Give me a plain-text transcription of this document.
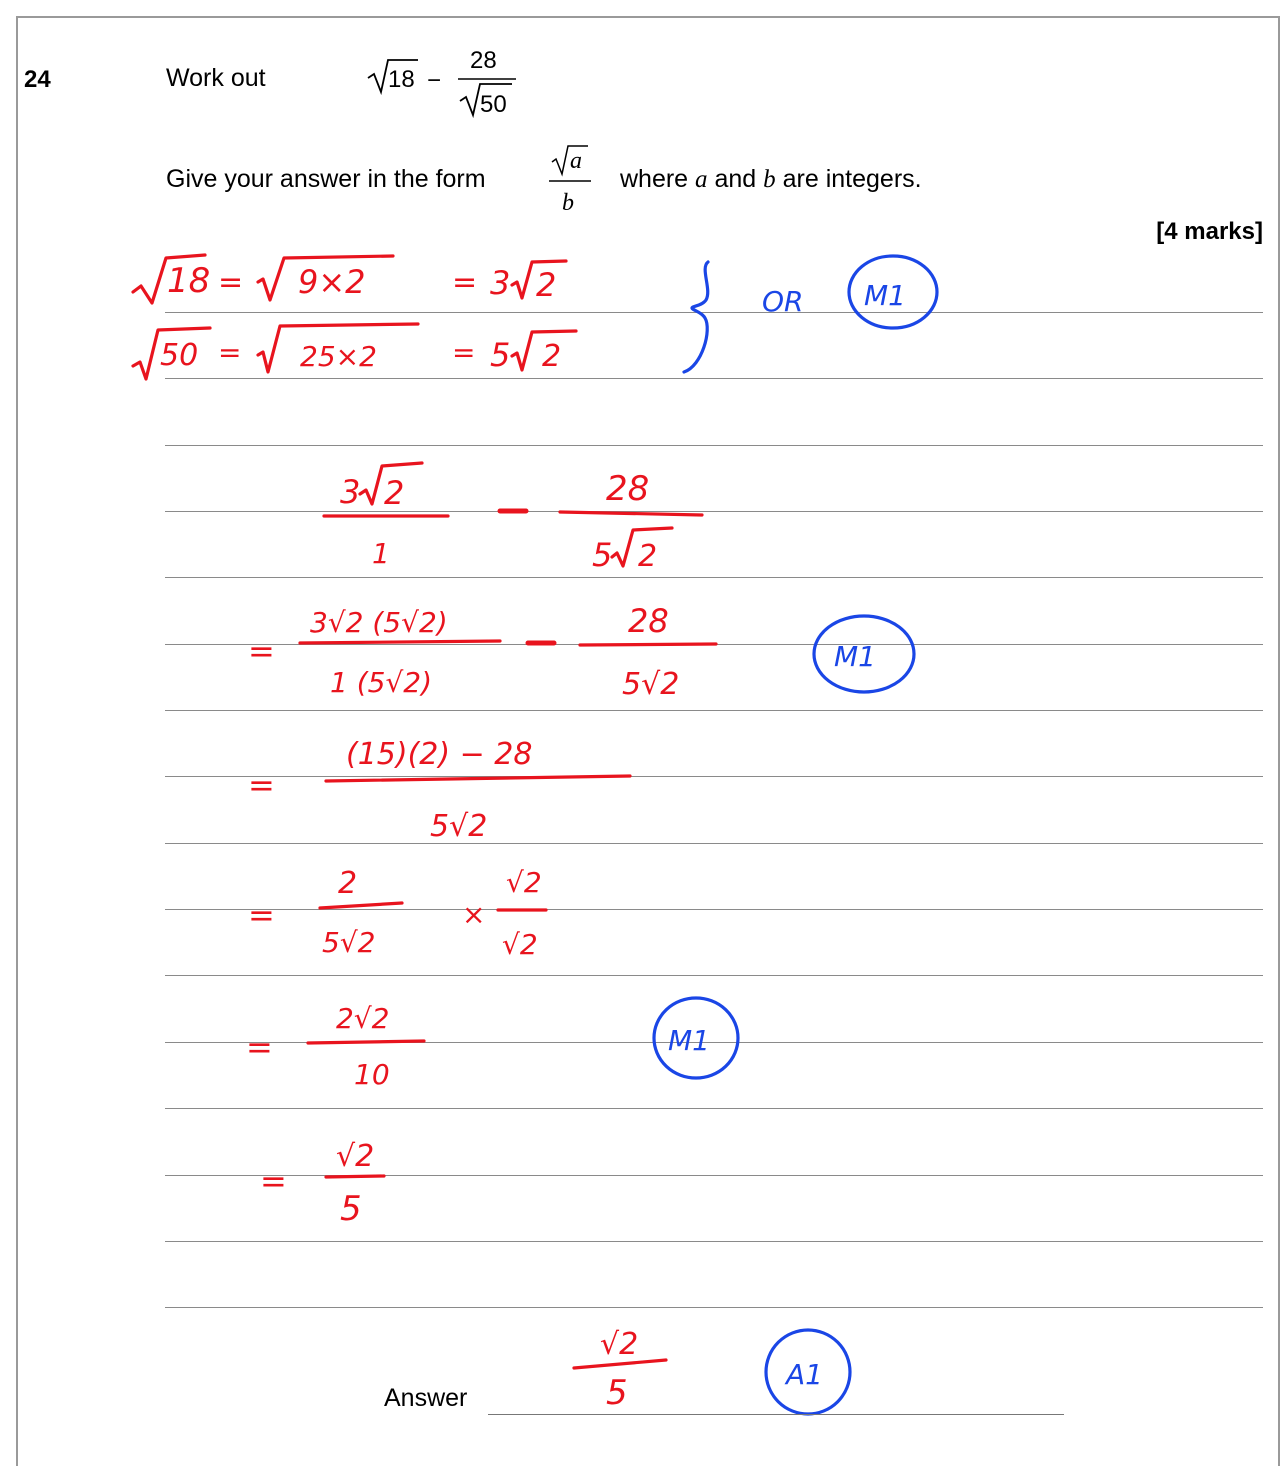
24	Work out	18 −
28
50
a
b
Give your answer in the form	where a and b are integers.
[4 marks]
18 = 9×2	= 3 2
50 = 25×2	= 5 2
OR M1
3 2
1
28
5 2
=
3√2 (5√2)
1 (5√2)
28
5√2
M1
=
(15)(2) − 28
5√2
=
2
5√2
×
√2
√2
=
2√2
10
M1
=
√2
5
√2
5	A1
Answer
